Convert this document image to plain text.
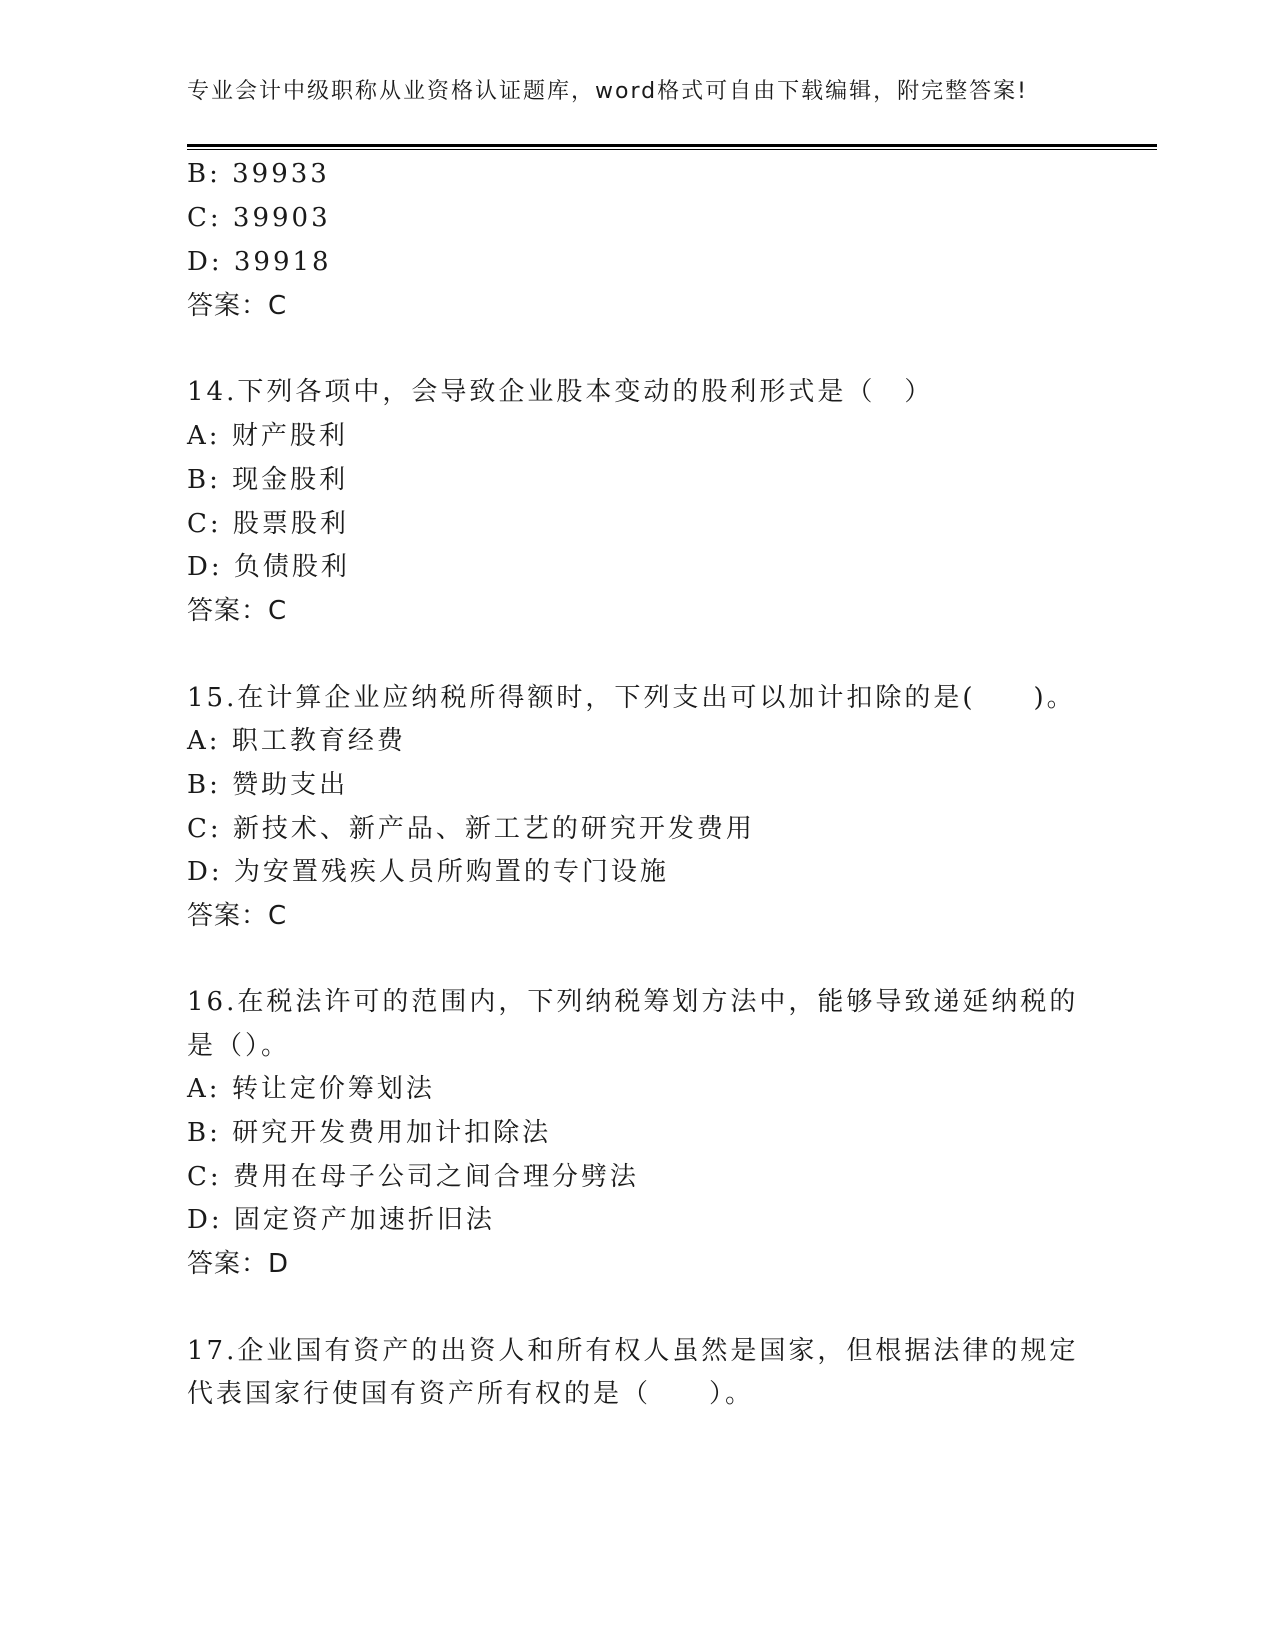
专业会计中级职称从业资格认证题库，word格式可自由下载编辑，附完整答案!
B: 39933
C: 39903
D: 39918
答案：C
14.下列各项中，会导致企业股本变动的股利形式是（　）
A: 财产股利
B: 现金股利
C: 股票股利
D: 负债股利
答案：C
15.在计算企业应纳税所得额时，下列支出可以加计扣除的是(　　)。
A: 职工教育经费
B: 赞助支出
C: 新技术、新产品、新工艺的研究开发费用
D: 为安置残疾人员所购置的专门设施
答案：C
16.在税法许可的范围内，下列纳税筹划方法中，能够导致递延纳税的
是（）。
A: 转让定价筹划法
B: 研究开发费用加计扣除法
C: 费用在母子公司之间合理分劈法
D: 固定资产加速折旧法
答案：D
17.企业国有资产的出资人和所有权人虽然是国家，但根据法律的规定
代表国家行使国有资产所有权的是（　　）。
